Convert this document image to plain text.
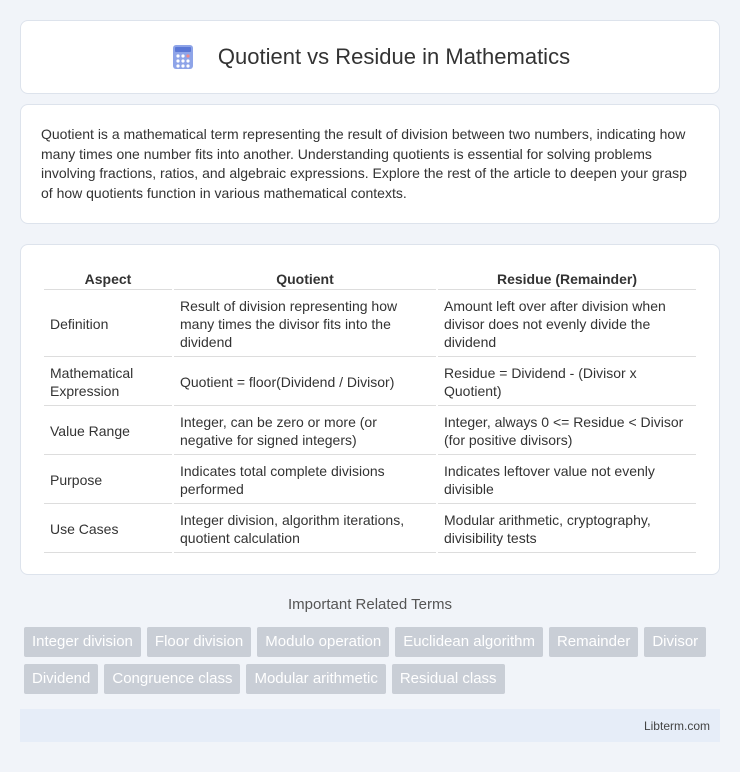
Quotient vs Residue in Mathematics

Quotient is a mathematical term representing the result of division between two numbers, indicating how many times one number fits into another. Understanding quotients is essential for solving problems involving fractions, ratios, and algebraic expressions. Explore the rest of the article to deepen your grasp of how quotients function in various mathematical contexts.

Aspect	Quotient	Residue (Remainder)
Definition	Result of division representing how many times the divisor fits into the dividend	Amount left over after division when divisor does not evenly divide the dividend
Mathematical Expression	Quotient = floor(Dividend / Divisor)	Residue = Dividend - (Divisor x Quotient)
Value Range	Integer, can be zero or more (or negative for signed integers)	Integer, always 0 <= Residue < Divisor (for positive divisors)
Purpose	Indicates total complete divisions performed	Indicates leftover value not evenly divisible
Use Cases	Integer division, algorithm iterations, quotient calculation	Modular arithmetic, cryptography, divisibility tests
Important Related Terms
Integer division	Floor division	Modulo operation	Euclidean algorithm	Remainder	Divisor
Dividend	Congruence class	Modular arithmetic	Residual class
Libterm.com
